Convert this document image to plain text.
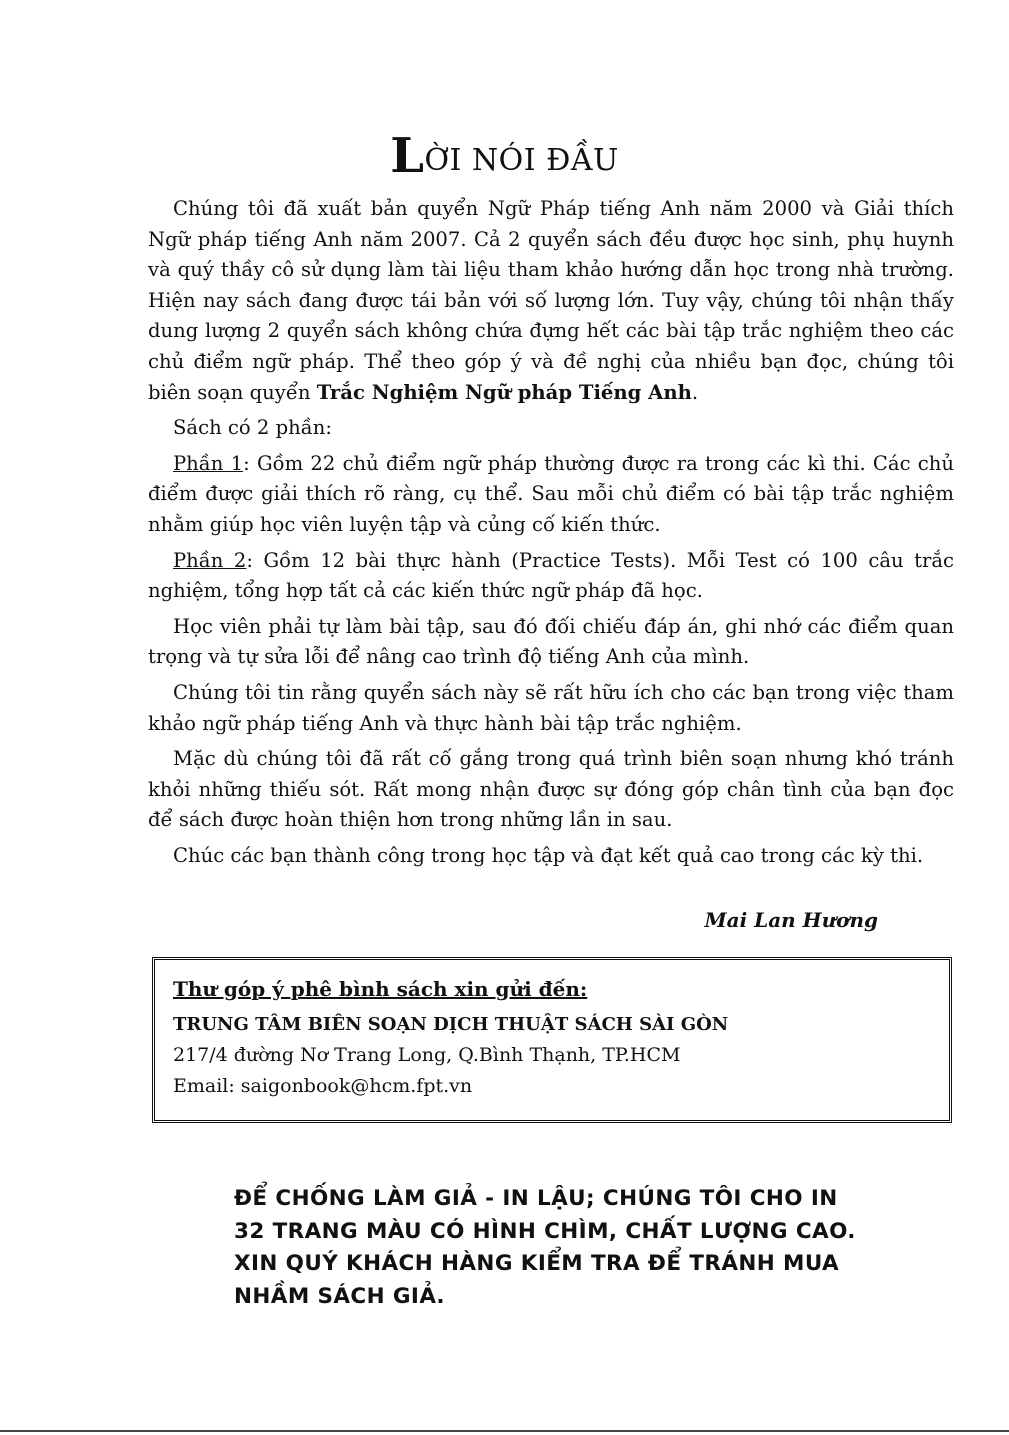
LỜI NÓI ĐẦU

Chúng tôi đã xuất bản quyển Ngữ Pháp tiếng Anh năm 2000 và Giải thích Ngữ pháp tiếng Anh năm 2007. Cả 2 quyển sách đều được học sinh, phụ huynh và quý thầy cô sử dụng làm tài liệu tham khảo hướng dẫn học trong nhà trường. Hiện nay sách đang được tái bản với số lượng lớn. Tuy vậy, chúng tôi nhận thấy dung lượng 2 quyển sách không chứa đựng hết các bài tập trắc nghiệm theo các chủ điểm ngữ pháp. Thể theo góp ý và đề nghị của nhiều bạn đọc, chúng tôi biên soạn quyển Trắc Nghiệm Ngữ pháp Tiếng Anh.

Sách có 2 phần:

Phần 1: Gồm 22 chủ điểm ngữ pháp thường được ra trong các kì thi. Các chủ điểm được giải thích rõ ràng, cụ thể. Sau mỗi chủ điểm có bài tập trắc nghiệm nhằm giúp học viên luyện tập và củng cố kiến thức.

Phần 2: Gồm 12 bài thực hành (Practice Tests). Mỗi Test có 100 câu trắc nghiệm, tổng hợp tất cả các kiến thức ngữ pháp đã học.

Học viên phải tự làm bài tập, sau đó đối chiếu đáp án, ghi nhớ các điểm quan trọng và tự sửa lỗi để nâng cao trình độ tiếng Anh của mình.

Chúng tôi tin rằng quyển sách này sẽ rất hữu ích cho các bạn trong việc tham khảo ngữ pháp tiếng Anh và thực hành bài tập trắc nghiệm.

Mặc dù chúng tôi đã rất cố gắng trong quá trình biên soạn nhưng khó tránh khỏi những thiếu sót. Rất mong nhận được sự đóng góp chân tình của bạn đọc để sách được hoàn thiện hơn trong những lần in sau.

Chúc các bạn thành công trong học tập và đạt kết quả cao trong các kỳ thi.

Mai Lan Hương
Thư góp ý phê bình sách xin gửi đến:
TRUNG TÂM BIÊN SOẠN DỊCH THUẬT SÁCH SÀI GÒN
217/4 đường Nơ Trang Long, Q.Bình Thạnh, TP.HCM
Email: saigonbook@hcm.fpt.vn
ĐỂ CHỐNG LÀM GIẢ - IN LẬU; CHÚNG TÔI CHO IN
32 TRANG MÀU CÓ HÌNH CHÌM, CHẤT LƯỢNG CAO.
XIN QUÝ KHÁCH HÀNG KIỂM TRA ĐỂ TRÁNH MUA
NHẦM SÁCH GIẢ.
